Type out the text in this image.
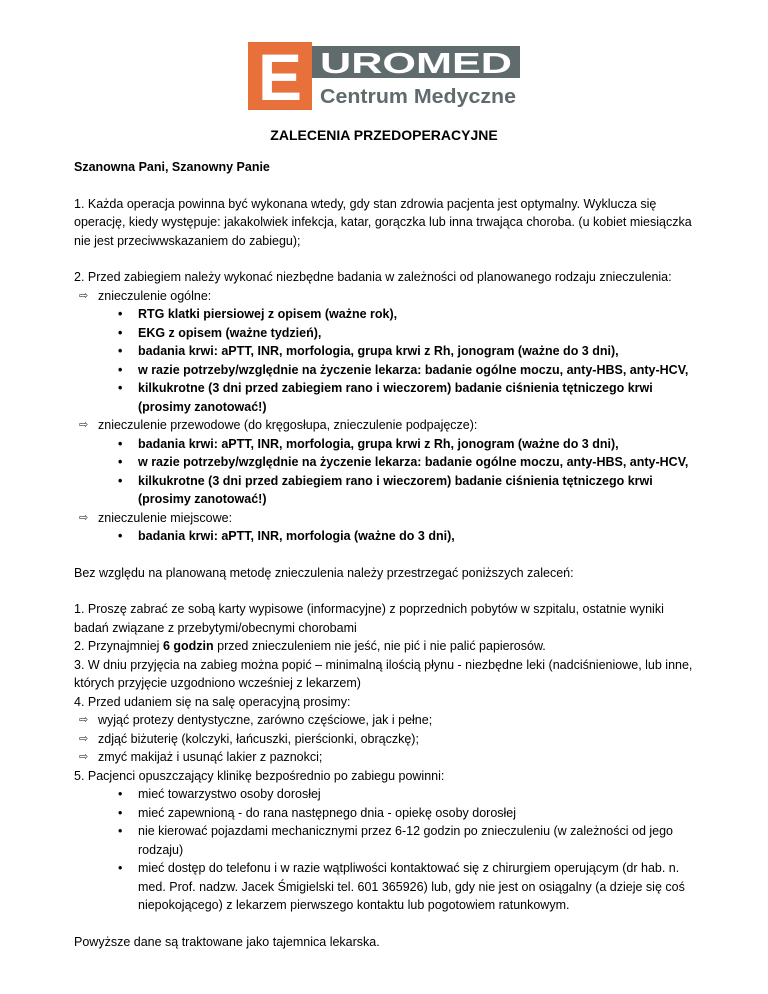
E UROMED
Centrum Medyczne
ZALECENIA PRZEDOPERACYJNE

Szanowna Pani, Szanowny Panie

1. Każda operacja powinna być wykonana wtedy, gdy stan zdrowia pacjenta jest optymalny. Wyklucza się operację, kiedy występuje: jakakolwiek infekcja, katar, gorączka lub inna trwająca choroba. (u kobiet miesiączka nie jest przeciwwskazaniem do zabiegu);

2. Przed zabiegiem należy wykonać niezbędne badania w zależności od planowanego rodzaju znieczulenia:

⇨ znieczulenie ogólne:
• RTG klatki piersiowej z opisem (ważne rok),
• EKG z opisem (ważne tydzień),
• badania krwi: aPTT, INR, morfologia, grupa krwi z Rh, jonogram (ważne do 3 dni),
• w razie potrzeby/względnie na życzenie lekarza: badanie ogólne moczu, anty-HBS, anty-HCV,
• kilkukrotne (3 dni przed zabiegiem rano i wieczorem) badanie ciśnienia tętniczego krwi (prosimy zanotować!)
⇨ znieczulenie przewodowe (do kręgosłupa, znieczulenie podpajęcze):
• badania krwi: aPTT, INR, morfologia, grupa krwi z Rh, jonogram (ważne do 3 dni),
• w razie potrzeby/względnie na życzenie lekarza: badanie ogólne moczu, anty-HBS, anty-HCV,
• kilkukrotne (3 dni przed zabiegiem rano i wieczorem) badanie ciśnienia tętniczego krwi (prosimy zanotować!)
⇨ znieczulenie miejscowe:
• badania krwi: aPTT, INR, morfologia (ważne do 3 dni),

Bez względu na planowaną metodę znieczulenia należy przestrzegać poniższych zaleceń:

1. Proszę zabrać ze sobą karty wypisowe (informacyjne) z poprzednich pobytów w szpitalu, ostatnie wyniki badań związane z przebytymi/obecnymi chorobami

2. Przynajmniej 6 godzin przed znieczuleniem nie jeść, nie pić i nie palić papierosów.

3. W dniu przyjęcia na zabieg można popić – minimalną ilością płynu - niezbędne leki (nadciśnieniowe, lub inne, których przyjęcie uzgodniono wcześniej z lekarzem)

4. Przed udaniem się na salę operacyjną prosimy:

⇨ wyjąć protezy dentystyczne, zarówno częściowe, jak i pełne;
⇨ zdjąć biżuterię (kolczyki, łańcuszki, pierścionki, obrączkę);
⇨ zmyć makijaż i usunąć lakier z paznokci;

5. Pacjenci opuszczający klinikę bezpośrednio po zabiegu powinni:

• mieć towarzystwo osoby dorosłej
• mieć zapewnioną - do rana następnego dnia - opiekę osoby dorosłej
• nie kierować pojazdami mechanicznymi przez 6-12 godzin po znieczuleniu (w zależności od jego rodzaju)
• mieć dostęp do telefonu i w razie wątpliwości kontaktować się z chirurgiem operującym (dr hab. n. med. Prof. nadzw. Jacek Śmigielski tel. 601 365926) lub, gdy nie jest on osiągalny (a dzieje się coś niepokojącego) z lekarzem pierwszego kontaktu lub pogotowiem ratunkowym.

Powyższe dane są traktowane jako tajemnica lekarska.
